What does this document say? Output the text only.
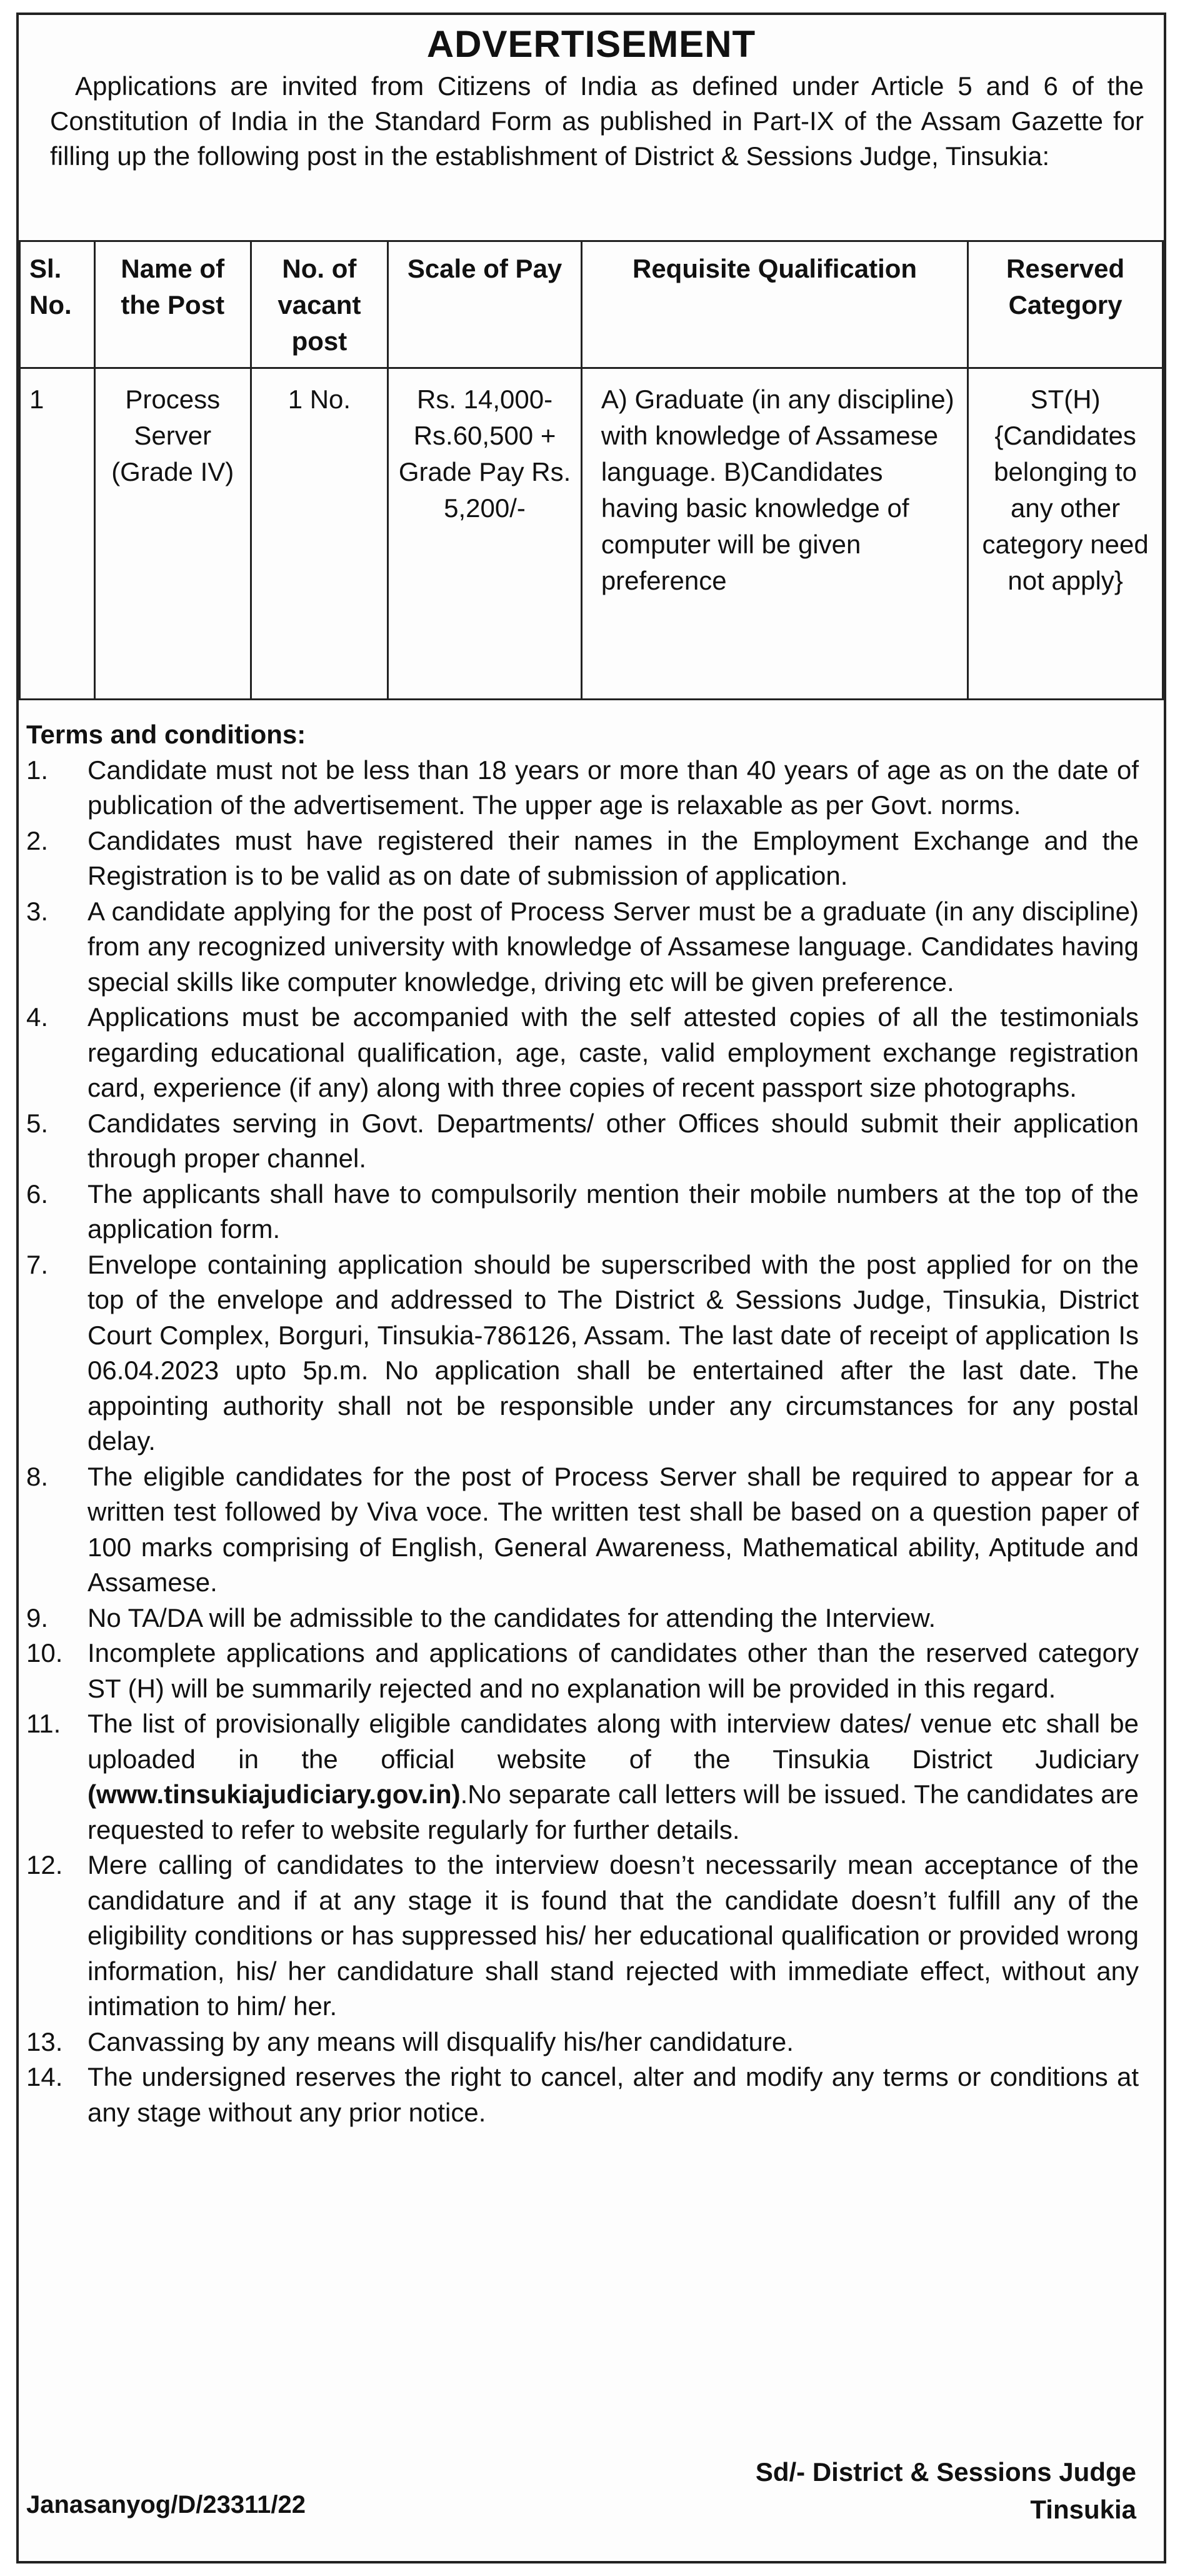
ADVERTISEMENT
Applications are invited from Citizens of India as defined under Article 5 and 6 of the Constitution of India in the Standard Form as published in Part-IX of the Assam Gazette for filling up the following post in the establishment of District & Sessions Judge, Tinsukia:
Sl. No.	Name of the Post	No. of vacant post	Scale of Pay	Requisite Qualification	Reserved Category
1	Process Server (Grade IV)	1 No.	Rs. 14,000-Rs.60,500 + Grade Pay Rs. 5,200/-	A) Graduate (in any discipline) with knowledge of Assamese language. B)Candidates having basic knowledge of computer will be given preference	ST(H) {Candidates belonging to any other category need not apply}
Terms and conditions:
1.	Candidate must not be less than 18 years or more than 40 years of age as on the date of publication of the advertisement. The upper age is relaxable as per Govt. norms.
2.	Candidates must have registered their names in the Employment Exchange and the Registration is to be valid as on date of submission of application.
3.	A candidate applying for the post of Process Server must be a graduate (in any discipline) from any recognized university with knowledge of Assamese language. Candidates having special skills like computer knowledge, driving etc will be given preference.
4.	Applications must be accompanied with the self attested copies of all the testimonials regarding educational qualification, age, caste, valid employment exchange registration card, experience (if any) along with three copies of recent passport size photographs.
5.	Candidates serving in Govt. Departments/ other Offices should submit their application through proper channel.
6.	The applicants shall have to compulsorily mention their mobile numbers at the top of the application form.
7.	Envelope containing application should be superscribed with the post applied for on the top of the envelope and addressed to The District & Sessions Judge, Tinsukia, District Court Complex, Borguri, Tinsukia-786126, Assam. The last date of receipt of application Is 06.04.2023 upto 5p.m. No application shall be entertained after the last date. The appointing authority shall not be responsible under any circumstances for any postal delay.
8.	The eligible candidates for the post of Process Server shall be required to appear for a written test followed by Viva voce. The written test shall be based on a question paper of 100 marks comprising of English, General Awareness, Mathematical ability, Aptitude and Assamese.
9.	No TA/DA will be admissible to the candidates for attending the Interview.
10. Incomplete applications and applications of candidates other than the reserved category ST (H) will be summarily rejected and no explanation will be provided in this regard.
11.	The list of provisionally eligible candidates along with interview dates/ venue etc shall be uploaded in the official website of the Tinsukia District Judiciary (www.tinsukiajudiciary.gov.in).No separate call letters will be issued. The candidates are requested to refer to website regularly for further details.
12. Mere calling of candidates to the interview doesn’t necessarily mean acceptance of the candidature and if at any stage it is found that the candidate doesn’t fulfill any of the eligibility conditions or has suppressed his/ her educational qualification or provided wrong information, his/ her candidature shall stand rejected with immediate effect, without any intimation to him/ her.
13. Canvassing by any means will disqualify his/her candidature.
14. The undersigned reserves the right to cancel, alter and modify any terms or conditions at any stage without any prior notice.
Sd/- District & Sessions Judge
Tinsukia
Janasanyog/D/23311/22
